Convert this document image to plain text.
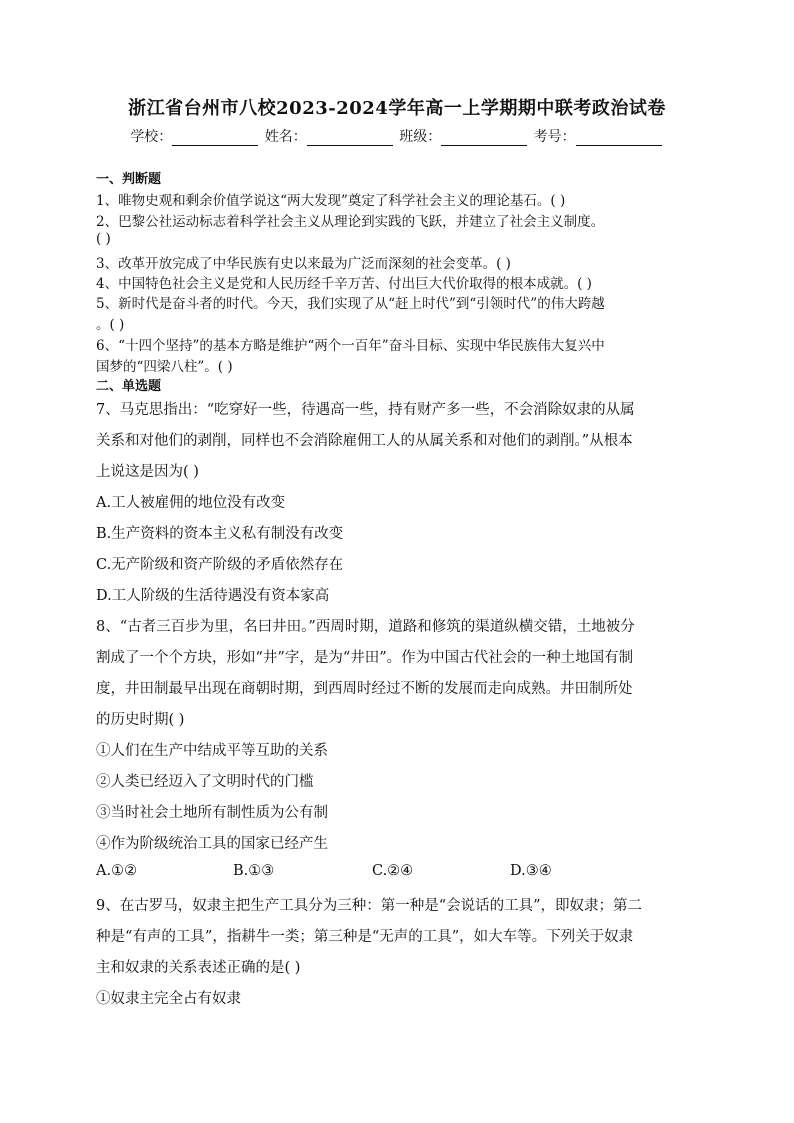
浙江省台州市八校2023-2024学年高一上学期期中联考政治试卷
学校：	姓名：	班级：	考号：
一、判断题
1、唯物史观和剩余价值学说这“两大发现”奠定了科学社会主义的理论基石。( )
2、巴黎公社运动标志着科学社会主义从理论到实践的飞跃，并建立了社会主义制度。
( )
3、改革开放完成了中华民族有史以来最为广泛而深刻的社会变革。( )
4、中国特色社会主义是党和人民历经千辛万苦、付出巨大代价取得的根本成就。( )
5、新时代是奋斗者的时代。今天，我们实现了从“赶上时代”到“引领时代”的伟大跨越
。( )
6、“十四个坚持”的基本方略是维护“两个一百年”奋斗目标、实现中华民族伟大复兴中
国梦的“四梁八柱”。( )
二、单选题
7、马克思指出：“吃穿好一些，待遇高一些，持有财产多一些，不会消除奴隶的从属
关系和对他们的剥削，同样也不会消除雇佣工人的从属关系和对他们的剥削。”从根本
上说这是因为( )
A.工人被雇佣的地位没有改变
B.生产资料的资本主义私有制没有改变
C.无产阶级和资产阶级的矛盾依然存在
D.工人阶级的生活待遇没有资本家高
8、“古者三百步为里，名曰井田。”西周时期，道路和修筑的渠道纵横交错，土地被分
割成了一个个方块，形如“井”字，是为“井田”。作为中国古代社会的一种土地国有制
度，井田制最早出现在商朝时期，到西周时经过不断的发展而走向成熟。井田制所处
的历史时期( )
①人们在生产中结成平等互助的关系
②人类已经迈入了文明时代的门槛
③当时社会土地所有制性质为公有制
④作为阶级统治工具的国家已经产生
A.①②	B.①③	C.②④	D.③④
9、在古罗马，奴隶主把生产工具分为三种：第一种是“会说话的工具”，即奴隶；第二
种是“有声的工具”，指耕牛一类；第三种是“无声的工具”，如大车等。下列关于奴隶
主和奴隶的关系表述正确的是( )
①奴隶主完全占有奴隶
